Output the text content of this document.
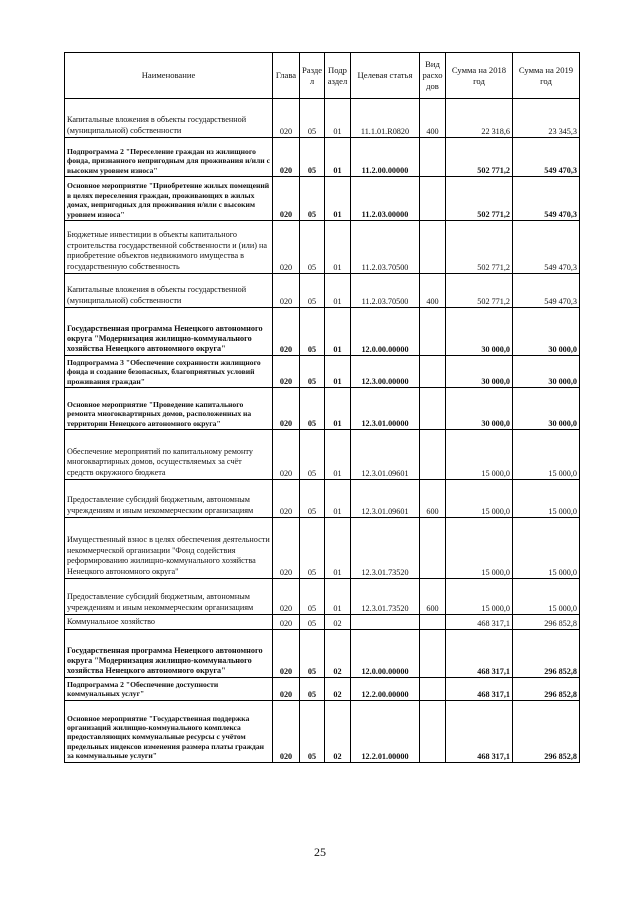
Наименование	Глава	Разде л	Подр аздел	Целевая статья	Вид расхо дов	Сумма на 2018 год	Сумма на 2019 год
Капитальные вложения в объекты государственной (муниципальной) собственности	020	05	01	11.1.01.R0820	400	22 318,6	23 345,3
Подпрограмма 2 "Переселение граждан из жилищного фонда, признанного непригодным для проживания и/или с высоким уровнем износа"	020	05	01	11.2.00.00000		502 771,2	549 470,3
Основное мероприятие "Приобретение жилых помещений в целях переселения граждан, проживающих в жилых домах, непригодных для проживания и/или с высоким уровнем износа"	020	05	01	11.2.03.00000		502 771,2	549 470,3
Бюджетные инвестиции в объекты капитального строительства государственной собственности и (или) на приобретение объектов недвижимого имущества в государственную собственность	020	05	01	11.2.03.70500		502 771,2	549 470,3
Капитальные вложения в объекты государственной (муниципальной) собственности	020	05	01	11.2.03.70500	400	502 771,2	549 470,3
Государственная программа Ненецкого автономного округа "Модернизация жилищно-коммунального хозяйства Ненецкого автономного округа"	020	05	01	12.0.00.00000		30 000,0	30 000,0
Подпрограмма 3 "Обеспечение сохранности жилищного фонда и создание безопасных, благоприятных условий проживания граждан"	020	05	01	12.3.00.00000		30 000,0	30 000,0
Основное мероприятие "Проведение капитального ремонта многоквартирных домов, расположенных на территории Ненецкого автономного округа"	020	05	01	12.3.01.00000		30 000,0	30 000,0
Обеспечение мероприятий по капитальному ремонту многоквартирных домов, осуществляемых за счёт средств окружного бюджета	020	05	01	12.3.01.09601		15 000,0	15 000,0
Предоставление субсидий бюджетным, автономным учреждениям и иным некоммерческим организациям	020	05	01	12.3.01.09601	600	15 000,0	15 000,0
Имущественный взнос в целях обеспечения деятельности некоммерческой организации "Фонд содействия реформированию жилищно-коммунального хозяйства Ненецкого автономного округа"	020	05	01	12.3.01.73520		15 000,0	15 000,0
Предоставление субсидий бюджетным, автономным учреждениям и иным некоммерческим организациям	020	05	01	12.3.01.73520	600	15 000,0	15 000,0
Коммунальное хозяйство	020	05	02			468 317,1	296 852,8
Государственная программа Ненецкого автономного округа "Модернизация жилищно-коммунального хозяйства Ненецкого автономного округа"	020	05	02	12.0.00.00000		468 317,1	296 852,8
Подпрограмма 2 "Обеспечение доступности коммунальных услуг"	020	05	02	12.2.00.00000		468 317,1	296 852,8
Основное мероприятие "Государственная поддержка организаций жилищно-коммунального комплекса предоставляющих коммунальные ресурсы с учётом предельных индексов изменения размера платы граждан за коммунальные услуги"	020	05	02	12.2.01.00000		468 317,1	296 852,8
25
